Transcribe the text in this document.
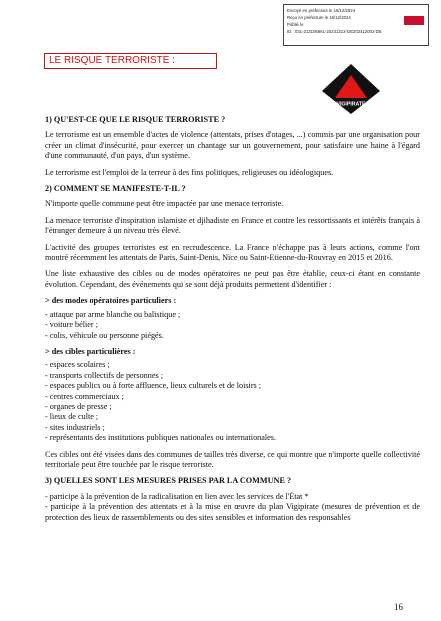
Envoyé en préfecture le 16/12/2024
Reçu en préfecture le 16/12/2024
Publié le
ID : 031-213105661-20241213-DE202412003-DE
LE RISQUE TERRORISTE :
VIGIPIRATE
1) QU'EST-CE QUE LE RISQUE TERRORISTE ?

Le terrorisme est un ensemble d'actes de violence (attentats, prises d'otages, ...) commis par une organisation pour créer un climat d'insécurité, pour exercer un chantage sur un gouvernement, pour satisfaire une haine à l'égard d'une communauté, d'un pays, d'un système.

Le terrorisme est l'emploi de la terreur à des fins politiques, religieuses ou idéologiques.

2) COMMENT SE MANIFESTE-T-IL ?

N'importe quelle commune peut être impactée par une menace terroriste.

La menace terroriste d'inspiration islamiste et djihadiste en France et contre les ressortissants et intérêts français à l'étranger demeure à un niveau très élevé.

L'activité des groupes terroristes est en recrudescence. La France n'échappe pas à leurs actions, comme l'ont montré récemment les attentats de Paris, Saint-Denis, Nice ou Saint-Etienne-du-Rouvray en 2015 et 2016.

Une liste exhaustive des cibles ou de modes opératoires ne peut pas être établie, ceux-ci étant en constante évolution. Cependant, des événements qui se sont déjà produits permettent d'identifier :

> des modes opératoires particuliers :
- attaque par arme blanche ou balistique ;
- voiture bélier ;
- colis, véhicule ou personne piégés.
> des cibles particulières :
- espaces scolaires ;
- transports collectifs de personnes ;
- espaces publics ou à forte affluence, lieux culturels et de loisirs ;
- centres commerciaux ;
- organes de presse ;
- lieux de culte ;
- sites industriels ;
- représentants des institutions publiques nationales ou internationales.

Ces cibles ont été visées dans des communes de tailles très diverse, ce qui montre que n'importe quelle collectivité territoriale peut être touchée par le risque terroriste.

3) QUELLES SONT LES MESURES PRISES PAR LA COMMUNE ?
- participe à la prévention de la radicalisation en lien avec les services de l'État *
- participe à la prévention des attentats et à la mise en œuvre du plan Vigipirate (mesures de prévention et de protection des lieux de rassemblements ou des sites sensibles et information des responsables
16
